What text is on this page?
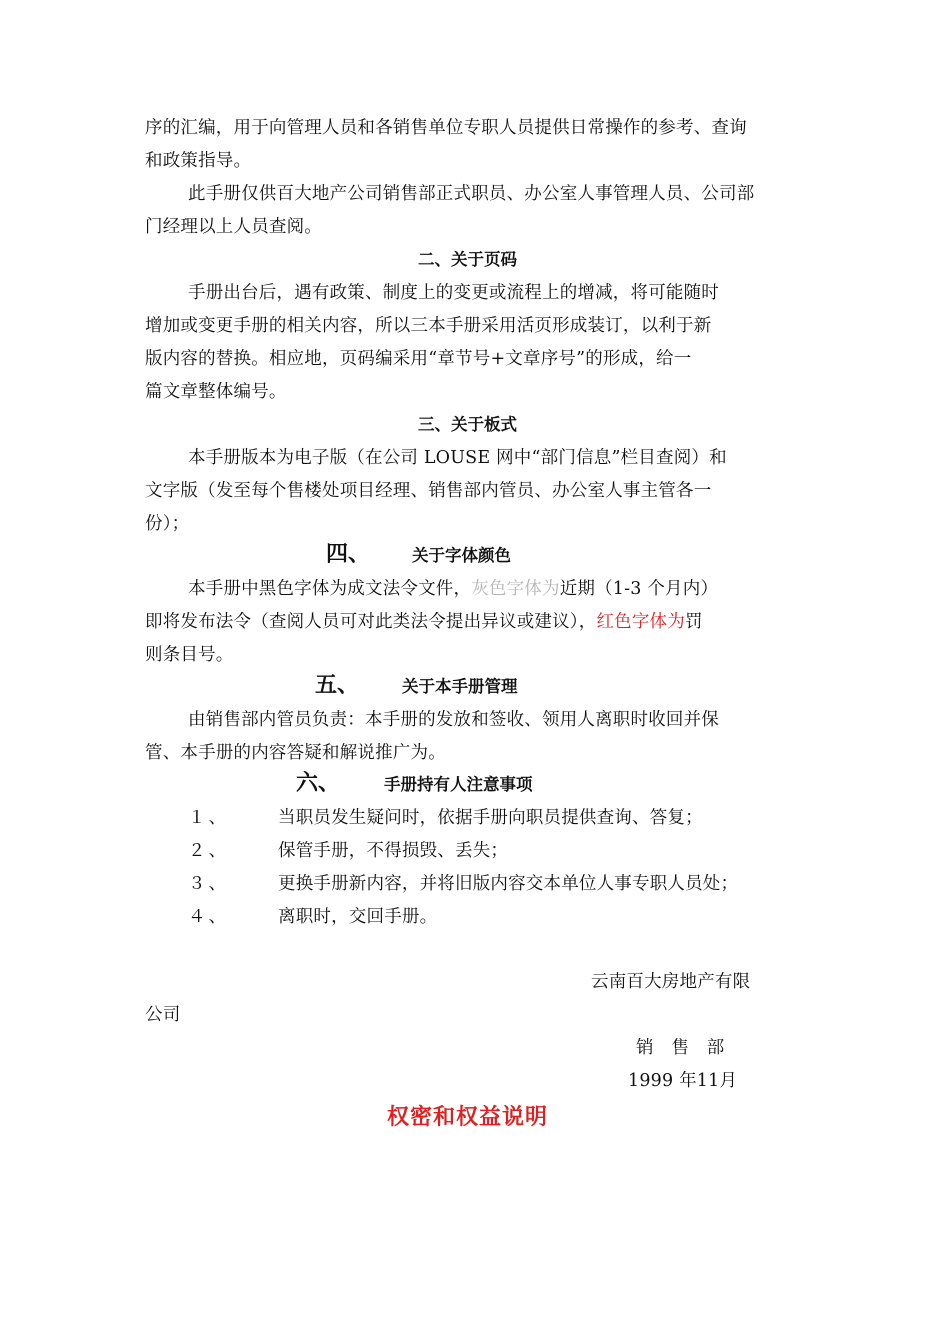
序的汇编，用于向管理人员和各销售单位专职人员提供日常操作的参考、查询
和政策指导。
此手册仅供百大地产公司销售部正式职员、办公室人事管理人员、公司部
门经理以上人员查阅。
二、关于页码
手册出台后，遇有政策、制度上的变更或流程上的增减，将可能随时
增加或变更手册的相关内容，所以三本手册采用活页形成装订，以利于新
版内容的替换。相应地，页码编采用“章节号+文章序号”的形成，给一
篇文章整体编号。
三、关于板式
本手册版本为电子版（在公司 LOUSE 网中“部门信息”栏目查阅）和
文字版（发至每个售楼处项目经理、销售部内管员、办公室人事主管各一
份）；
四、	关于字体颜色
本手册中黑色字体为成文法令文件，灰色字体为近期（1-3 个月内）
即将发布法令（查阅人员可对此类法令提出异议或建议），红色字体为罚
则条目号。
五、	关于本手册管理
由销售部内管员负责：本手册的发放和签收、领用人离职时收回并保
管、本手册的内容答疑和解说推广为。
六、	手册持有人注意事项
１、	当职员发生疑问时，依据手册向职员提供查询、答复；
２、	保管手册，不得损毁、丢失；
３、	更换手册新内容，并将旧版内容交本单位人事专职人员处；
４、	离职时，交回手册。
云南百大房地产有限
公司
销　售　部
1999 年11月
权密和权益说明
